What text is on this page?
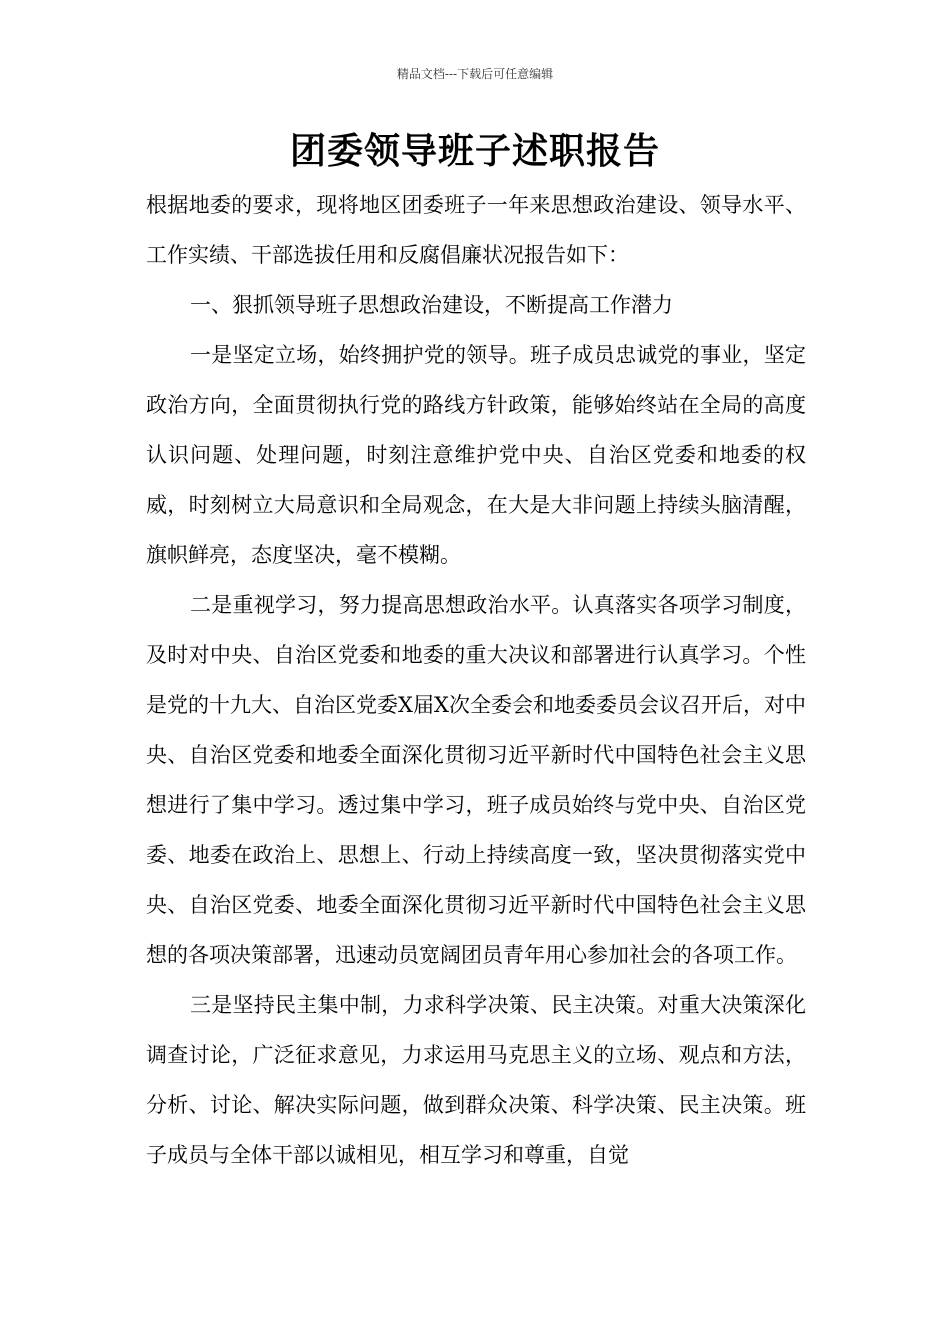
精品文档---下载后可任意编辑
团委领导班子述职报告

根据地委的要求，现将地区团委班子一年来思想政治建设、领导水平、工作实绩、干部选拔任用和反腐倡廉状况报告如下：

一、狠抓领导班子思想政治建设，不断提高工作潜力

一是坚定立场，始终拥护党的领导。班子成员忠诚党的事业，坚定政治方向，全面贯彻执行党的路线方针政策，能够始终站在全局的高度认识问题、处理问题，时刻注意维护党中央、自治区党委和地委的权威，时刻树立大局意识和全局观念，在大是大非问题上持续头脑清醒，旗帜鲜亮，态度坚决，毫不模糊。

二是重视学习，努力提高思想政治水平。认真落实各项学习制度，及时对中央、自治区党委和地委的重大决议和部署进行认真学习。个性是党的十九大、自治区党委X届X次全委会和地委委员会议召开后，对中央、自治区党委和地委全面深化贯彻习近平新时代中国特色社会主义思想进行了集中学习。透过集中学习，班子成员始终与党中央、自治区党委、地委在政治上、思想上、行动上持续高度一致，坚决贯彻落实党中央、自治区党委、地委全面深化贯彻习近平新时代中国特色社会主义思想的各项决策部署，迅速动员宽阔团员青年用心参加社会的各项工作。

三是坚持民主集中制，力求科学决策、民主决策。对重大决策深化调查讨论，广泛征求意见，力求运用马克思主义的立场、观点和方法，分析、讨论、解决实际问题，做到群众决策、科学决策、民主决策。班子成员与全体干部以诚相见，相互学习和尊重，自觉
